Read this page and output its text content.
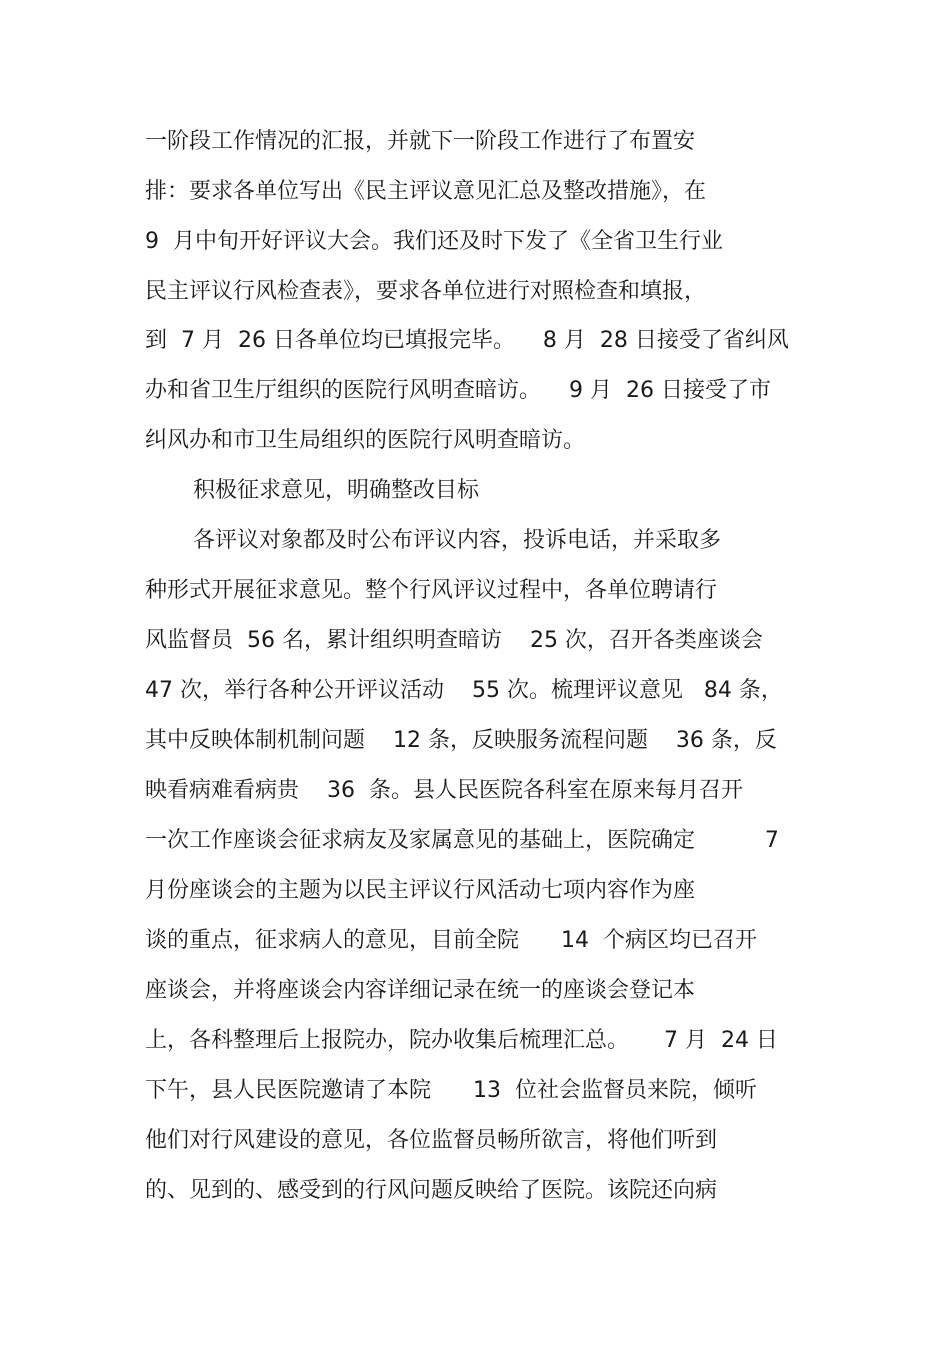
一阶段工作情况的汇报，并就下一阶段工作进行了布置安
排：要求各单位写出《民主评议意见汇总及整改措施》，在
9  月中旬开好评议大会。我们还及时下发了《全省卫生行业
民主评议行风检查表》，要求各单位进行对照检查和填报，
到  7 月  26 日各单位均已填报完毕。    8 月  28 日接受了省纠风
办和省卫生厅组织的医院行风明查暗访。    9 月  26 日接受了市
纠风办和市卫生局组织的医院行风明查暗访。
积极征求意见，明确整改目标
各评议对象都及时公布评议内容，投诉电话，并采取多
种形式开展征求意见。整个行风评议过程中，各单位聘请行
风监督员  56 名，累计组织明查暗访    25 次，召开各类座谈会
47 次，举行各种公开评议活动    55 次。梳理评议意见   84 条，
其中反映体制机制问题    12 条，反映服务流程问题    36 条，反
映看病难看病贵    36  条。县人民医院各科室在原来每月召开
一次工作座谈会征求病友及家属意见的基础上，医院确定          7
月份座谈会的主题为以民主评议行风活动七项内容作为座
谈的重点，征求病人的意见，目前全院      14  个病区均已召开
座谈会，并将座谈会内容详细记录在统一的座谈会登记本
上，各科整理后上报院办，院办收集后梳理汇总。     7 月  24 日
下午，县人民医院邀请了本院      13  位社会监督员来院，倾听
他们对行风建设的意见，各位监督员畅所欲言，将他们听到
的、见到的、感受到的行风问题反映给了医院。该院还向病
